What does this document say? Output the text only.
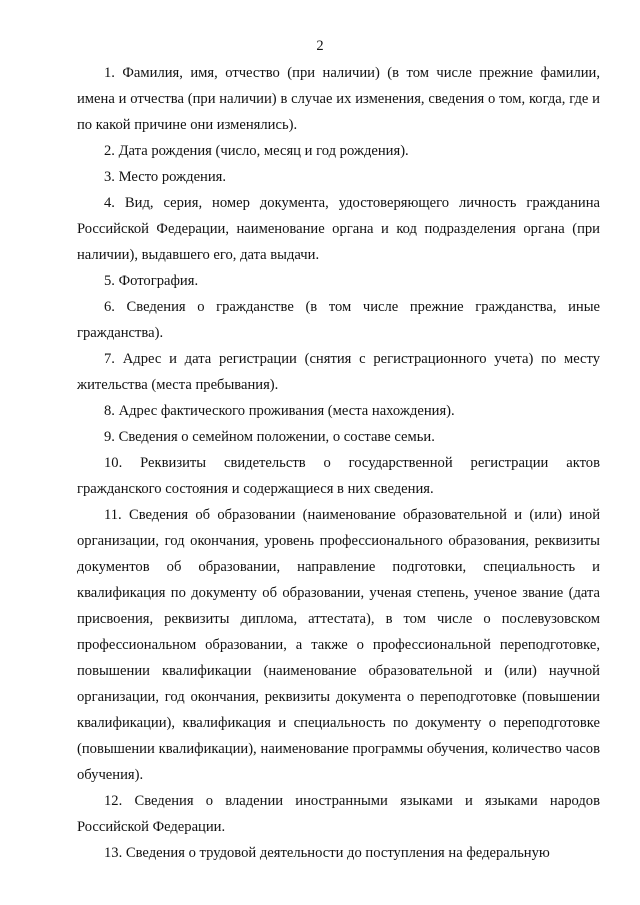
2

1. Фамилия, имя, отчество (при наличии) (в том числе прежние фамилии, имена и отчества (при наличии) в случае их изменения, сведения о том, когда, где и по какой причине они изменялись).

2. Дата рождения (число, месяц и год рождения).

3. Место рождения.

4. Вид, серия, номер документа, удостоверяющего личность гражданина Российской Федерации, наименование органа и код подразделения органа (при наличии), выдавшего его, дата выдачи.

5. Фотография.

6. Сведения о гражданстве (в том числе прежние гражданства, иные гражданства).

7. Адрес и дата регистрации (снятия с регистрационного учета) по месту жительства (места пребывания).

8. Адрес фактического проживания (места нахождения).

9. Сведения о семейном положении, о составе семьи.

10. Реквизиты свидетельств о государственной регистрации актов гражданского состояния и содержащиеся в них сведения.

11. Сведения об образовании (наименование образовательной и (или) иной организации, год окончания, уровень профессионального образования, реквизиты документов об образовании, направление подготовки, специальность и квалификация по документу об образовании, ученая степень, ученое звание (дата присвоения, реквизиты диплома, аттестата), в том числе о послевузовском профессиональном образовании, а также о профессиональной переподготовке, повышении квалификации (наименование образовательной и (или) научной организации, год окончания, реквизиты документа о переподготовке (повышении квалификации), квалификация и специальность по документу о переподготовке (повышении квалификации), наименование программы обучения, количество часов обучения).

12. Сведения о владении иностранными языками и языками народов Российской Федерации.

13. Сведения о трудовой деятельности до поступления на федеральную
